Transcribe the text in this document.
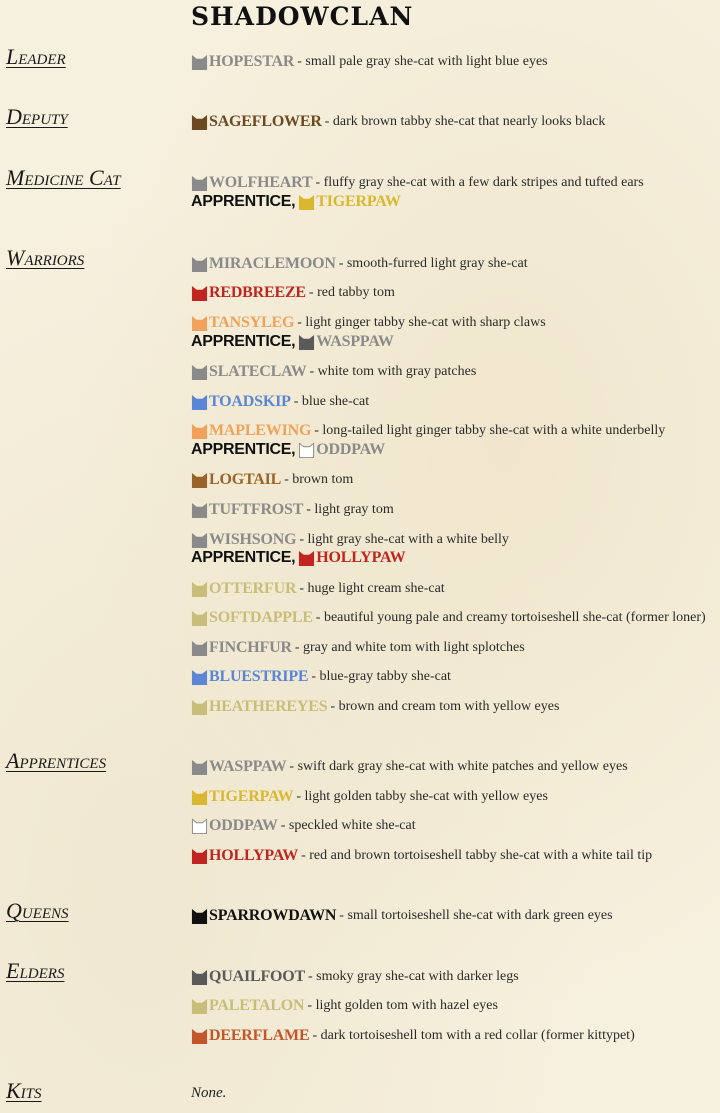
SHADOWCLAN
Leader
Deputy
Medicine Cat
Warriors
Apprentices
Queens
Elders
Kits
HOPESTAR - small pale gray she-cat with light blue eyes
SAGEFLOWER - dark brown tabby she-cat that nearly looks black
WOLFHEART - fluffy gray she-cat with a few dark stripes and tufted ears
APPRENTICE, TIGERPAW
MIRACLEMOON - smooth-furred light gray she-cat
REDBREEZE - red tabby tom
TANSYLEG - light ginger tabby she-cat with sharp claws
APPRENTICE, WASPPAW
SLATECLAW - white tom with gray patches
TOADSKIP - blue she-cat
MAPLEWING - long-tailed light ginger tabby she-cat with a white underbelly
APPRENTICE, ODDPAW
LOGTAIL - brown tom
TUFTFROST - light gray tom
WISHSONG - light gray she-cat with a white belly
APPRENTICE, HOLLYPAW
OTTERFUR - huge light cream she-cat
SOFTDAPPLE - beautiful young pale and creamy tortoiseshell she-cat (former loner)
FINCHFUR - gray and white tom with light splotches
BLUESTRIPE - blue-gray tabby she-cat
HEATHEREYES - brown and cream tom with yellow eyes
WASPPAW - swift dark gray she-cat with white patches and yellow eyes
TIGERPAW - light golden tabby she-cat with yellow eyes
ODDPAW - speckled white she-cat
HOLLYPAW - red and brown tortoiseshell tabby she-cat with a white tail tip
SPARROWDAWN - small tortoiseshell she-cat with dark green eyes
QUAILFOOT - smoky gray she-cat with darker legs
PALETALON - light golden tom with hazel eyes
DEERFLAME - dark tortoiseshell tom with a red collar (former kittypet)
None.
